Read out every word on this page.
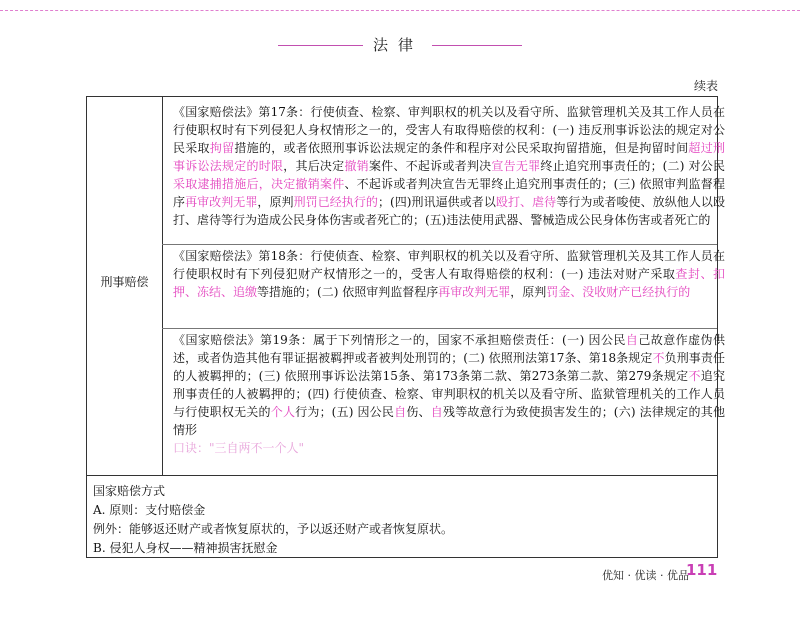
法律
续表
刑事赔偿
《国家赔偿法》第17条：行使侦查、检察、审判职权的机关以及看守所、监狱管理机关及其工作人员在行使职权时有下列侵犯人身权情形之一的，受害人有取得赔偿的权利：(一) 违反刑事诉讼法的规定对公民采取拘留措施的，或者依照刑事诉讼法规定的条件和程序对公民采取拘留措施，但是拘留时间超过刑事诉讼法规定的时限，其后决定撤销案件、不起诉或者判决宣告无罪终止追究刑事责任的；(二) 对公民采取逮捕措施后，决定撤销案件、不起诉或者判决宣告无罪终止追究刑事责任的；(三) 依照审判监督程序再审改判无罪，原判刑罚已经执行的；(四)刑讯逼供或者以殴打、虐待等行为或者唆使、放纵他人以殴打、虐待等行为造成公民身体伤害或者死亡的；(五)违法使用武器、警械造成公民身体伤害或者死亡的
《国家赔偿法》第18条：行使侦查、检察、审判职权的机关以及看守所、监狱管理机关及其工作人员在行使职权时有下列侵犯财产权情形之一的，受害人有取得赔偿的权利：(一) 违法对财产采取查封、扣押、冻结、追缴等措施的；(二) 依照审判监督程序再审改判无罪，原判罚金、没收财产已经执行的
《国家赔偿法》第19条：属于下列情形之一的，国家不承担赔偿责任：(一) 因公民自己故意作虚伪供述，或者伪造其他有罪证据被羁押或者被判处刑罚的；(二) 依照刑法第17条、第18条规定不负刑事责任的人被羁押的；(三) 依照刑事诉讼法第15条、第173条第二款、第273条第二款、第279条规定不追究刑事责任的人被羁押的；(四) 行使侦查、检察、审判职权的机关以及看守所、监狱管理机关的工作人员与行使职权无关的个人行为；(五) 因公民自伤、自残等故意行为致使损害发生的；(六) 法律规定的其他情形
口诀："三自两不一个人"
国家赔偿方式
A. 原则：支付赔偿金
例外：能够返还财产或者恢复原状的，予以返还财产或者恢复原状。
B. 侵犯人身权——精神损害抚慰金
优知 · 优读 · 优品
111
